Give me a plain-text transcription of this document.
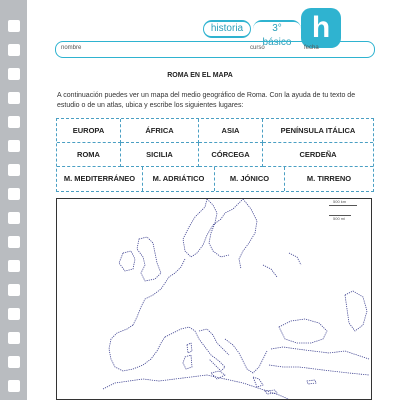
historia	3° básico h
nombre	curso	fecha
ROMA EN EL MAPA
A continuación puedes ver un mapa del medio geográfico de Roma. Con la ayuda de tu texto de estudio o de un atlas, ubica y escribe los siguientes lugares:
EUROPA	ÁFRICA	ASIA	PENÍNSULA ITÁLICA
ROMA	SICILIA	CÓRCEGA	CERDEÑA
M. MEDITERRÁNEO	M. ADRIÁTICO	M. JÓNICO	M. TIRRENO
500 km
500 mi
